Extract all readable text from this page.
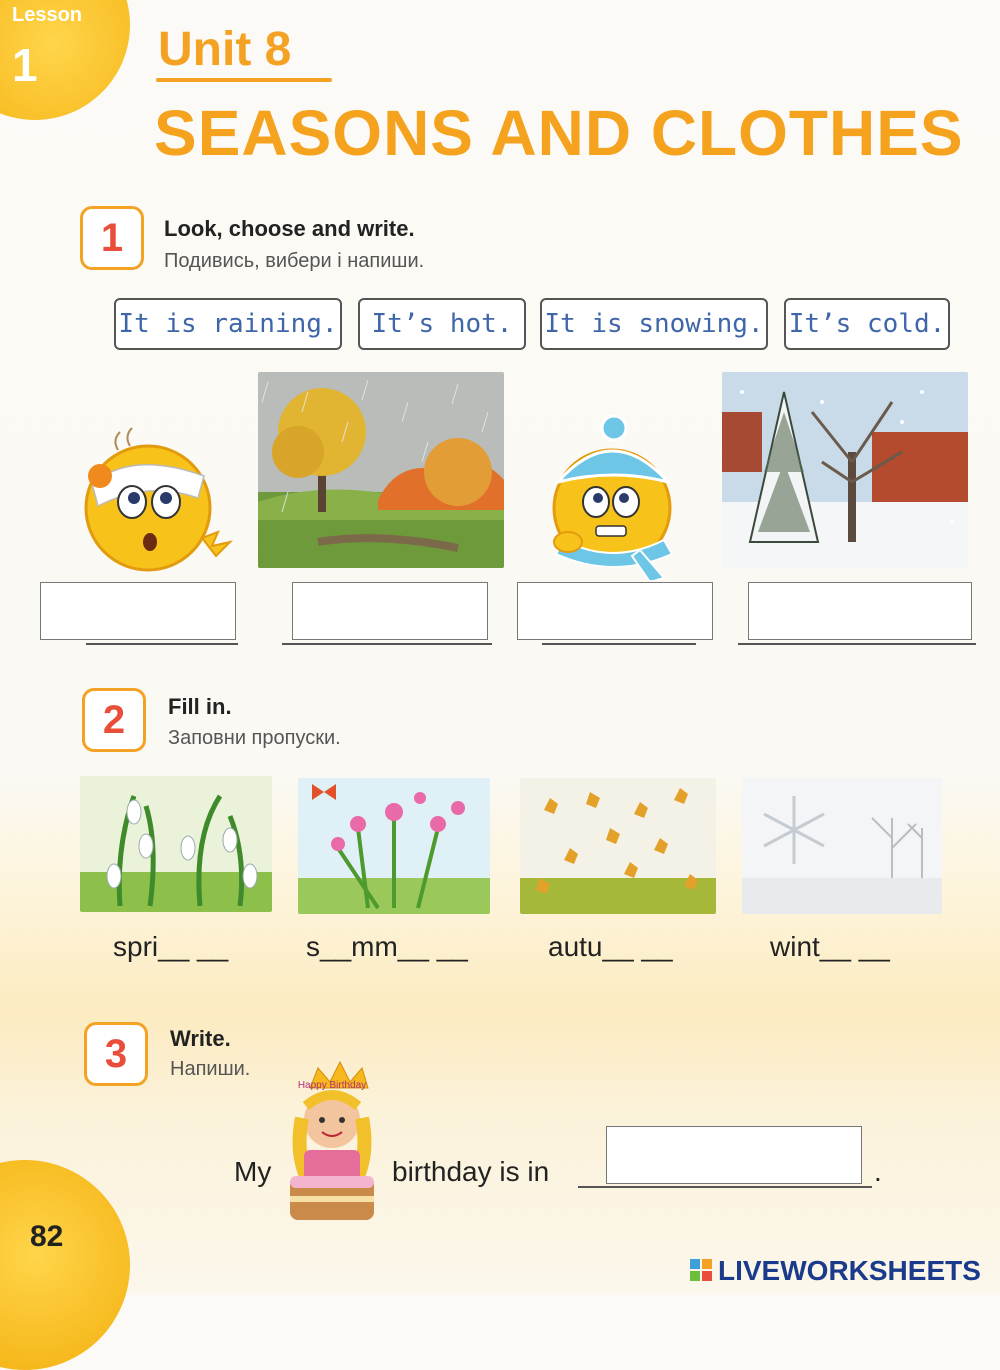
Lesson
1	Unit 8
SEASONS AND CLOTHES
1	Look, choose and write.
Подивись, вибери і напиши.
It is raining.	It’s hot.	It is snowing. It’s cold.
2	Fill in.
Заповни пропуски.
spri__ __	s__mm__ __	autu__ __	wint__ __
3	Write.
Напиши.
Happy Birthday
My	birthday is in	.
82
LIVEWORKSHEETS
